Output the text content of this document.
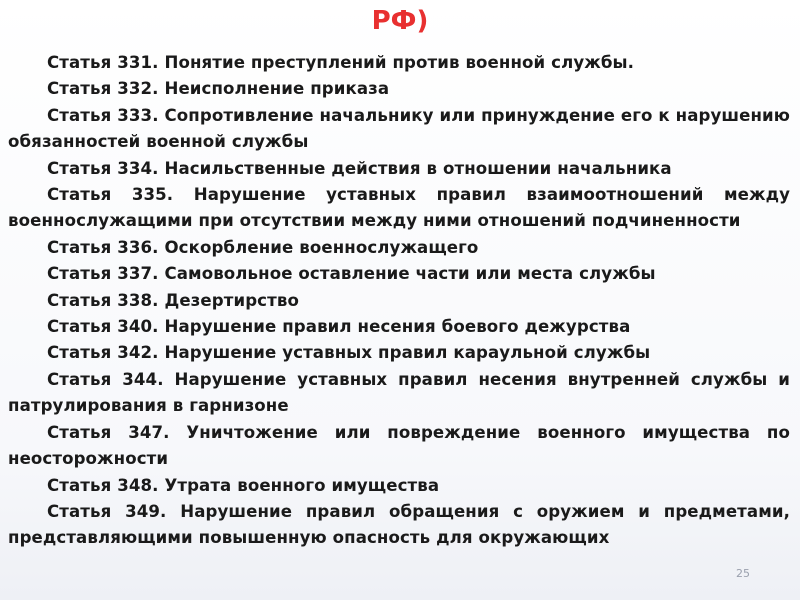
РФ)
Статья 331. Понятие преступлений против военной службы.
Статья 332. Неисполнение приказа
Статья 333. Сопротивление начальнику или принуждение его к нарушению обязанностей военной службы
Статья 334. Насильственные действия в отношении начальника
Статья 335. Нарушение уставных правил взаимоотношений между военнослужащими при отсутствии между ними отношений подчиненности
Статья 336. Оскорбление военнослужащего
Статья 337. Самовольное оставление части или места службы
Статья 338. Дезертирство
Статья 340. Нарушение правил несения боевого дежурства
Статья 342. Нарушение уставных правил караульной службы
Статья 344. Нарушение уставных правил несения внутренней службы и патрулирования в гарнизоне
Статья 347. Уничтожение или повреждение военного имущества по неосторожности
Статья 348. Утрата военного имущества
Статья 349. Нарушение правил обращения с оружием и предметами, представляющими повышенную опасность для окружающих
25
